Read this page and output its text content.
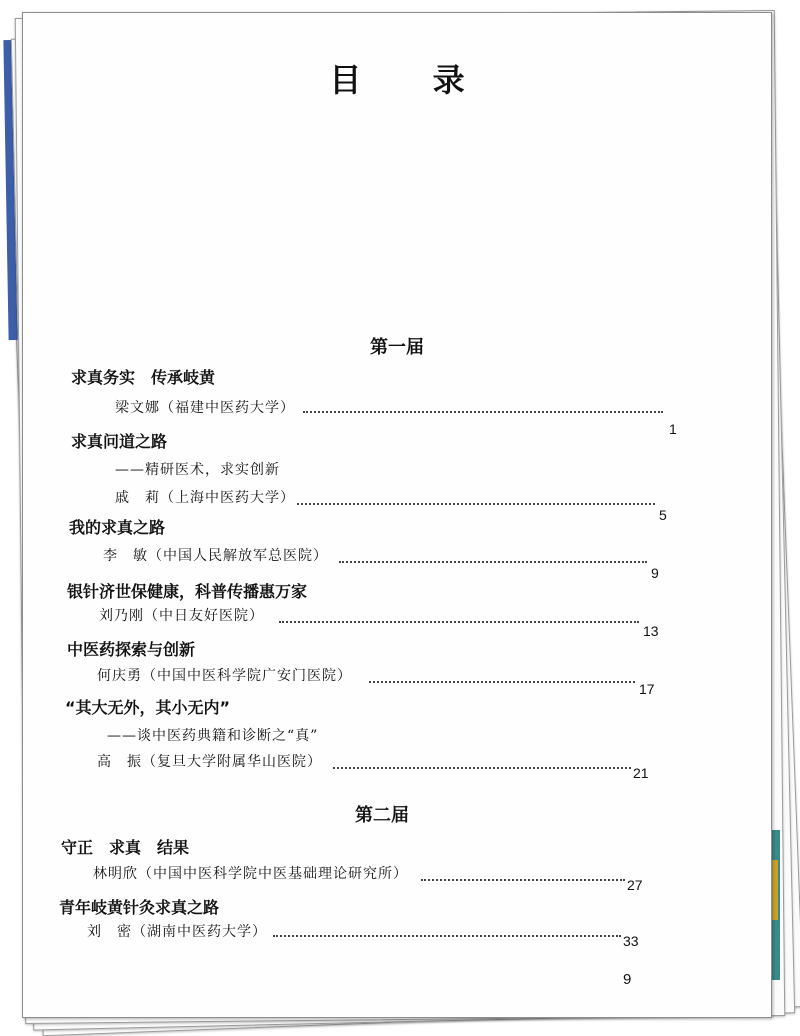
目 录
第一届
求真务实　传承岐黄
梁文娜（福建中医药大学）
1
求真问道之路
——精研医术，求实创新
戚　莉（上海中医药大学）
5
我的求真之路
李　敏（中国人民解放军总医院）
9
银针济世保健康，科普传播惠万家
刘乃刚（中日友好医院）
13
中医药探索与创新
何庆勇（中国中医科学院广安门医院）
17
“其大无外，其小无内”
——谈中医药典籍和诊断之“真”
高　振（复旦大学附属华山医院）
21
第二届
守正　求真　结果
林明欣（中国中医科学院中医基础理论研究所）
27
青年岐黄针灸求真之路
刘　密（湖南中医药大学）
33
9
